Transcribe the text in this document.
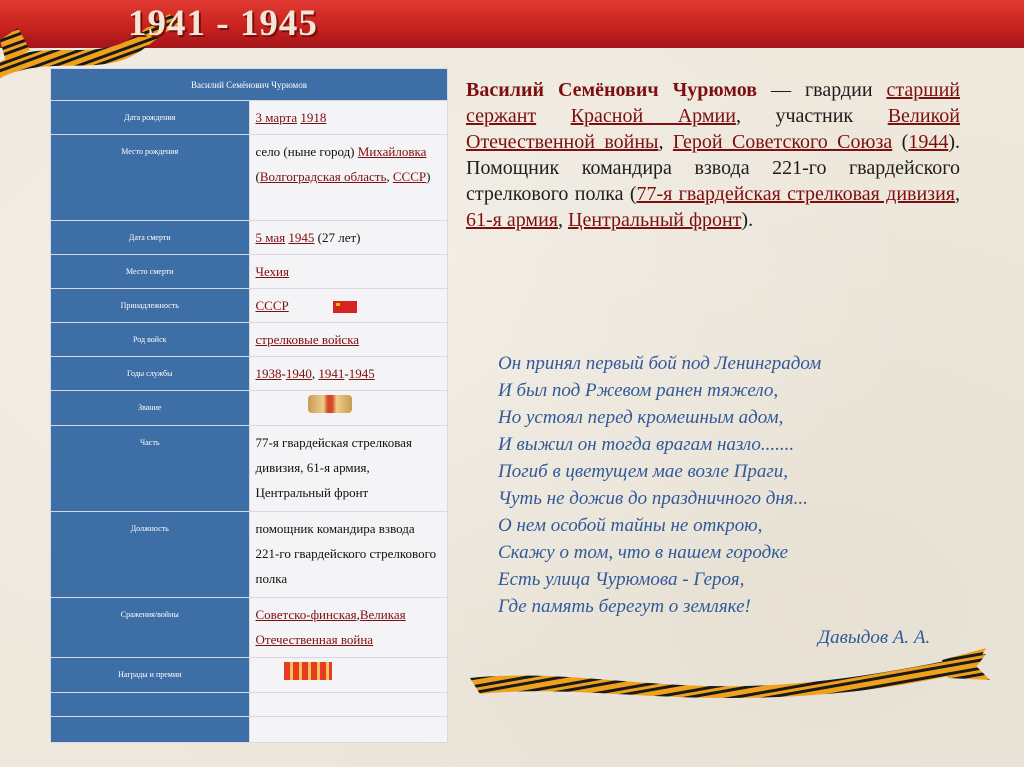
1941 - 1945
Василий Семёнович Чурюмов	

Дата рождения	3 марта 1918

Место рождения	село (ныне город) Михайловка (Волгоградская область, СССР)

Дата смерти	5 мая 1945 (27 лет)

Место смерти	Чехия

Принадлежность	СССР

Род войск	стрелковые войска

Годы службы	1938-1940, 1941-1945

Звание	

Часть	77-я гвардейская стрелковая дивизия, 61-я армия, Центральный фронт

Должность	помощник командира взвода 221-го гвардейского стрелкового полка

Сражения/войны	Советско-финская,Великая Отечественная война

Награды и премии	

Василий Семёнович Чурюмов — гвардии старший сержант Красной Армии, участник Великой Отечественной войны, Герой Советского Союза (1944). Помощник командира взвода 221-го гвардейского стрелкового полка (77-я гвардейская стрелковая дивизия, 61-я армия, Центральный фронт).
Он принял первый бой под Ленинградом
И был под Ржевом ранен тяжело,
Но устоял перед кромешным адом,
И выжил он тогда врагам назло.......
Погиб в цветущем мае возле Праги,
Чуть не дожив до праздничного дня...
О нем особой тайны не открою,
Скажу о том, что в нашем городке
Есть улица Чурюмова - Героя,
Где память берегут о земляке!
Давыдов А. А.
